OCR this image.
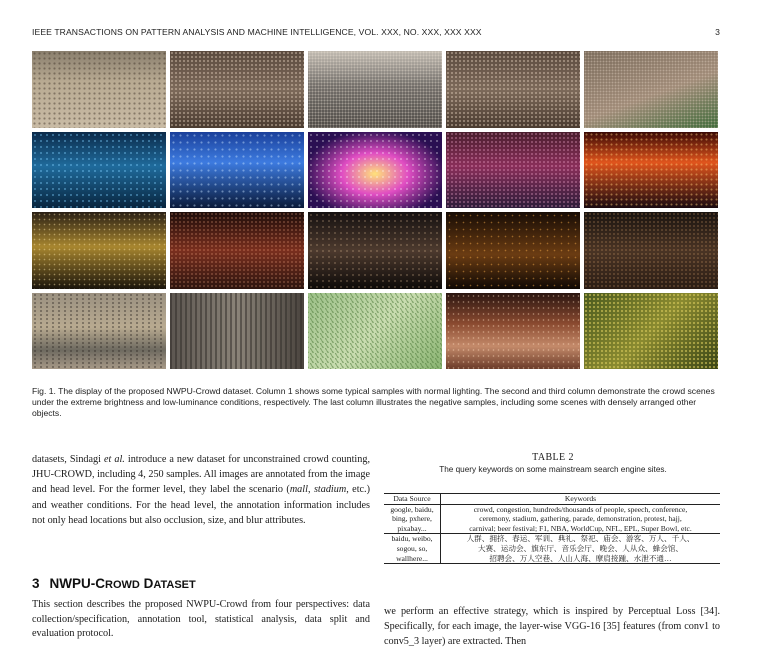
IEEE TRANSACTIONS ON PATTERN ANALYSIS AND MACHINE INTELLIGENCE, VOL. XXX, NO. XXX, XXX XXX	3
Fig. 1. The display of the proposed NWPU-Crowd dataset. Column 1 shows some typical samples with normal lighting. The second and third column demonstrate the crowd scenes under the extreme brightness and low-luminance conditions, respectively. The last column illustrates the negative samples, including some scenes with densely arranged other objects.

datasets, Sindagi et al. introduce a new dataset for unconstrained crowd counting, JHU-CROWD, including 4, 250 samples. All images are annotated from the image and head level. For the former level, they label the scenario (mall, stadium, etc.) and weather conditions. For the head level, the annotation information includes not only head locations but also occlusion, size, and blur attributes.

3 NWPU-CROWD DATASET

This section describes the proposed NWPU-Crowd from four perspectives: data collection/specification, annotation tool, statistical analysis, data split and evaluation protocol.

TABLE 2
The query keywords on some mainstream search engine sites.
Data Source	Keywords
google, baidu,	crowd, congestion, hundreds/thousands of people, speech, conference,
bing, pxhere,	ceremony, stadium, gathering, parade, demonstration, protest, hajj,
pixabay...	carnival; beer festival; F1, NBA, WorldCup, NFL, EPL, Super Bowl, etc.
baidu, weibo,	人群、拥挤、春运、军训、典礼、祭祀、庙会、游客、万人、千人、
sogou, so,	大赛、运动会、旗东厅、音乐会厅、晚会、人从众、蜂会馆、
wallhere...	招聘会、万人空巷、人山人海、摩肩接踵、水泄不通…

we perform an effective strategy, which is inspired by Perceptual Loss [34]. Specifically, for each image, the layer-wise VGG-16 [35] features (from conv1 to conv5_3 layer) are extracted. Then
